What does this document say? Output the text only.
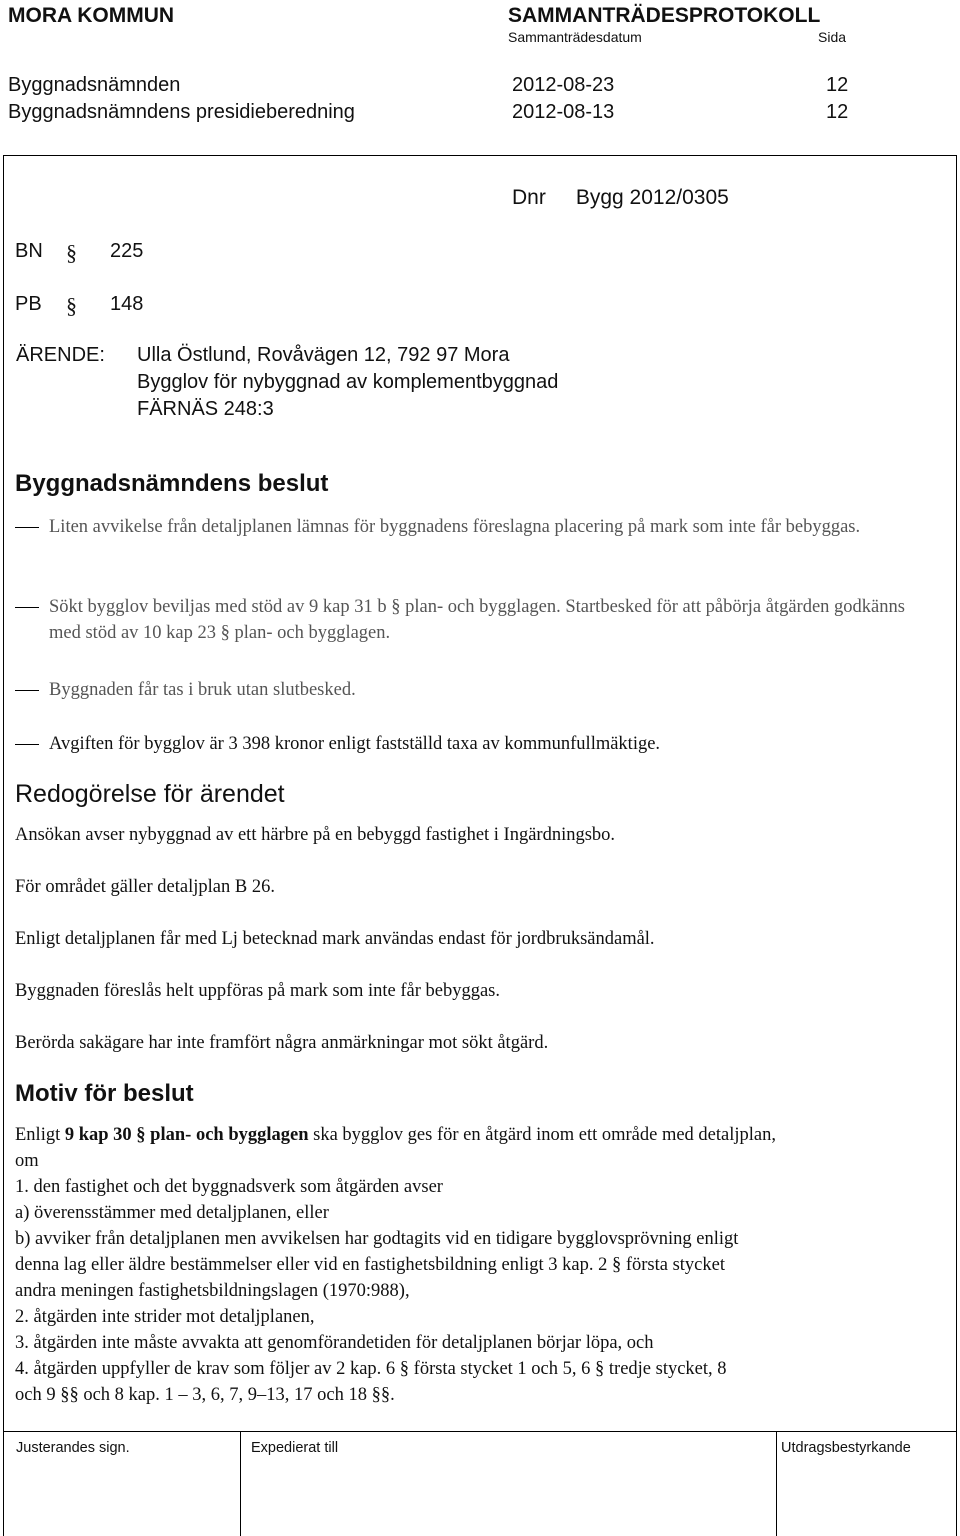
MORA KOMMUN	SAMMANTRÄDESPROTOKOLL
Sammanträdesdatum	Sida
Byggnadsnämnden	2012-08-23	12
Byggnadsnämndens presidieberedning	2012-08-13	12
Dnr Bygg 2012/0305
BN § 225
PB § 148
ÄRENDE: Ulla Östlund, Rovåvägen 12, 792 97 Mora
Bygglov för nybyggnad av komplementbyggnad
FÄRNÄS 248:3
Byggnadsnämndens beslut
Liten avvikelse från detaljplanen lämnas för byggnadens föreslagna placering på mark som inte får bebyggas.
Sökt bygglov beviljas med stöd av 9 kap 31 b § plan- och bygglagen. Startbesked för att påbörja åtgärden godkänns med stöd av 10 kap 23 § plan- och bygglagen.
Byggnaden får tas i bruk utan slutbesked.
Avgiften för bygglov är 3 398 kronor enligt fastställd taxa av kommunfullmäktige.
Redogörelse för ärendet
Ansökan avser nybyggnad av ett härbre på en bebyggd fastighet i Ingärdningsbo.
För området gäller detaljplan B 26.
Enligt detaljplanen får med Lj betecknad mark användas endast för jordbruksändamål.
Byggnaden föreslås helt uppföras på mark som inte får bebyggas.
Berörda sakägare har inte framfört några anmärkningar mot sökt åtgärd.
Motiv för beslut
Enligt 9 kap 30 § plan- och bygglagen ska bygglov ges för en åtgärd inom ett område med detaljplan,
om
1. den fastighet och det byggnadsverk som åtgärden avser
a) överensstämmer med detaljplanen, eller
b) avviker från detaljplanen men avvikelsen har godtagits vid en tidigare bygglovsprövning enligt
denna lag eller äldre bestämmelser eller vid en fastighetsbildning enligt 3 kap. 2 § första stycket
andra meningen fastighetsbildningslagen (1970:988),
2. åtgärden inte strider mot detaljplanen,
3. åtgärden inte måste avvakta att genomförandetiden för detaljplanen börjar löpa, och
4. åtgärden uppfyller de krav som följer av 2 kap. 6 § första stycket 1 och 5, 6 § tredje stycket, 8
och 9 §§ och 8 kap. 1 – 3, 6, 7, 9–13, 17 och 18 §§.
Justerandes sign.	Expedierat till	Utdragsbestyrkande
